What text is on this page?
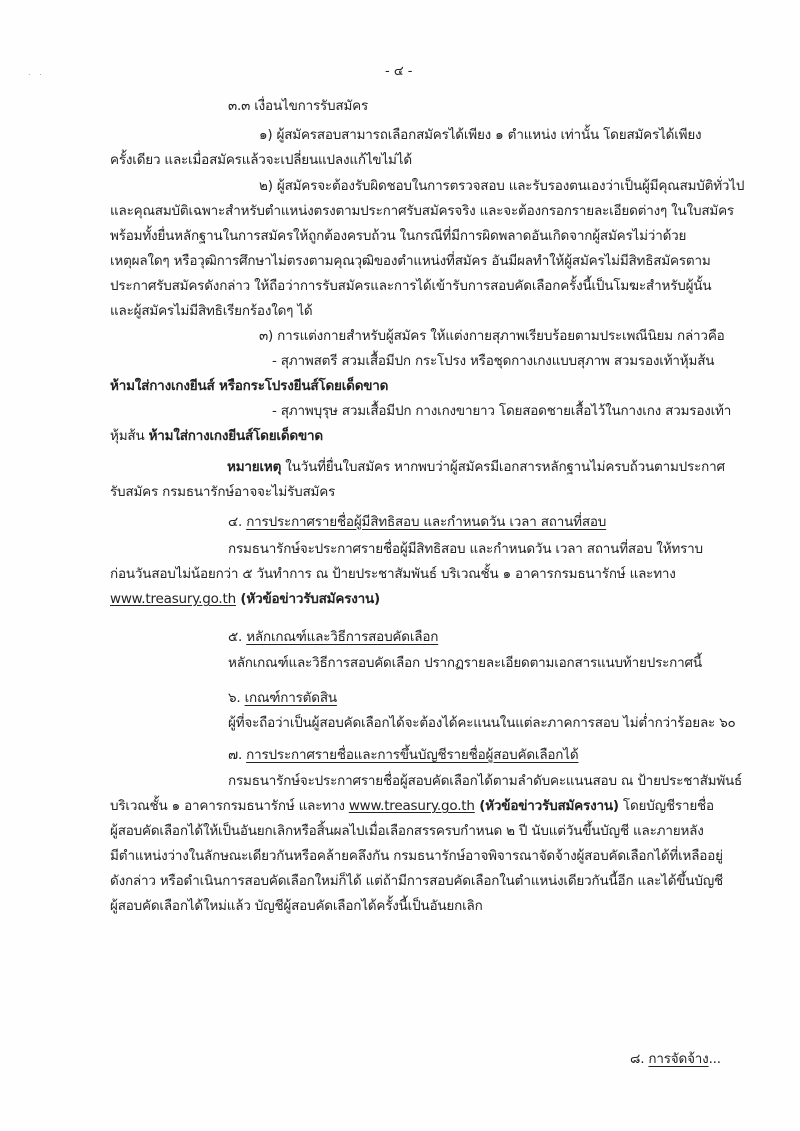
. .	- ๔ -
๓.๓ เงื่อนไขการรับสมัคร
๑) ผู้สมัครสอบสามารถเลือกสมัครได้เพียง ๑ ตำแหน่ง เท่านั้น โดยสมัครได้เพียง
ครั้งเดียว และเมื่อสมัครแล้วจะเปลี่ยนแปลงแก้ไขไม่ได้
๒) ผู้สมัครจะต้องรับผิดชอบในการตรวจสอบ และรับรองตนเองว่าเป็นผู้มีคุณสมบัติทั่วไป
และคุณสมบัติเฉพาะสำหรับตำแหน่งตรงตามประกาศรับสมัครจริง และจะต้องกรอกรายละเอียดต่างๆ ในใบสมัคร
พร้อมทั้งยื่นหลักฐานในการสมัครให้ถูกต้องครบถ้วน ในกรณีที่มีการผิดพลาดอันเกิดจากผู้สมัครไม่ว่าด้วย
เหตุผลใดๆ หรือวุฒิการศึกษาไม่ตรงตามคุณวุฒิของตำแหน่งที่สมัคร อันมีผลทำให้ผู้สมัครไม่มีสิทธิสมัครตาม
ประกาศรับสมัครดังกล่าว ให้ถือว่าการรับสมัครและการได้เข้ารับการสอบคัดเลือกครั้งนี้เป็นโมฆะสำหรับผู้นั้น
และผู้สมัครไม่มีสิทธิเรียกร้องใดๆ ได้
๓) การแต่งกายสำหรับผู้สมัคร ให้แต่งกายสุภาพเรียบร้อยตามประเพณีนิยม กล่าวคือ
- สุภาพสตรี สวมเสื้อมีปก กระโปรง หรือชุดกางเกงแบบสุภาพ สวมรองเท้าหุ้มส้น
ห้ามใส่กางเกงยีนส์ หรือกระโปรงยีนส์โดยเด็ดขาด
- สุภาพบุรุษ สวมเสื้อมีปก กางเกงขายาว โดยสอดชายเสื้อไว้ในกางเกง สวมรองเท้า
หุ้มส้น ห้ามใส่กางเกงยีนส์โดยเด็ดขาด
หมายเหตุ ในวันที่ยื่นใบสมัคร หากพบว่าผู้สมัครมีเอกสารหลักฐานไม่ครบถ้วนตามประกาศ
รับสมัคร กรมธนารักษ์อาจจะไม่รับสมัคร
๔. การประกาศรายชื่อผู้มีสิทธิสอบ และกำหนดวัน เวลา สถานที่สอบ
กรมธนารักษ์จะประกาศรายชื่อผู้มีสิทธิสอบ และกำหนดวัน เวลา สถานที่สอบ ให้ทราบ
ก่อนวันสอบไม่น้อยกว่า ๕ วันทำการ ณ ป้ายประชาสัมพันธ์ บริเวณชั้น ๑ อาคารกรมธนารักษ์ และทาง
www.treasury.go.th (หัวข้อข่าวรับสมัครงาน)
๕. หลักเกณฑ์และวิธีการสอบคัดเลือก
หลักเกณฑ์และวิธีการสอบคัดเลือก ปรากฏรายละเอียดตามเอกสารแนบท้ายประกาศนี้
๖. เกณฑ์การตัดสิน
ผู้ที่จะถือว่าเป็นผู้สอบคัดเลือกได้จะต้องได้คะแนนในแต่ละภาคการสอบ ไม่ต่ำกว่าร้อยละ ๖๐
๗. การประกาศรายชื่อและการขึ้นบัญชีรายชื่อผู้สอบคัดเลือกได้
กรมธนารักษ์จะประกาศรายชื่อผู้สอบคัดเลือกได้ตามลำดับคะแนนสอบ ณ ป้ายประชาสัมพันธ์
บริเวณชั้น ๑ อาคารกรมธนารักษ์ และทาง www.treasury.go.th (หัวข้อข่าวรับสมัครงาน) โดยบัญชีรายชื่อ
ผู้สอบคัดเลือกได้ให้เป็นอันยกเลิกหรือสิ้นผลไปเมื่อเลือกสรรครบกำหนด ๒ ปี นับแต่วันขึ้นบัญชี และภายหลัง
มีตำแหน่งว่างในลักษณะเดียวกันหรือคล้ายคลึงกัน กรมธนารักษ์อาจพิจารณาจัดจ้างผู้สอบคัดเลือกได้ที่เหลืออยู่
ดังกล่าว หรือดำเนินการสอบคัดเลือกใหม่ก็ได้ แต่ถ้ามีการสอบคัดเลือกในตำแหน่งเดียวกันนี้อีก และได้ขึ้นบัญชี
ผู้สอบคัดเลือกได้ใหม่แล้ว บัญชีผู้สอบคัดเลือกได้ครั้งนี้เป็นอันยกเลิก
๘. การจัดจ้าง...
